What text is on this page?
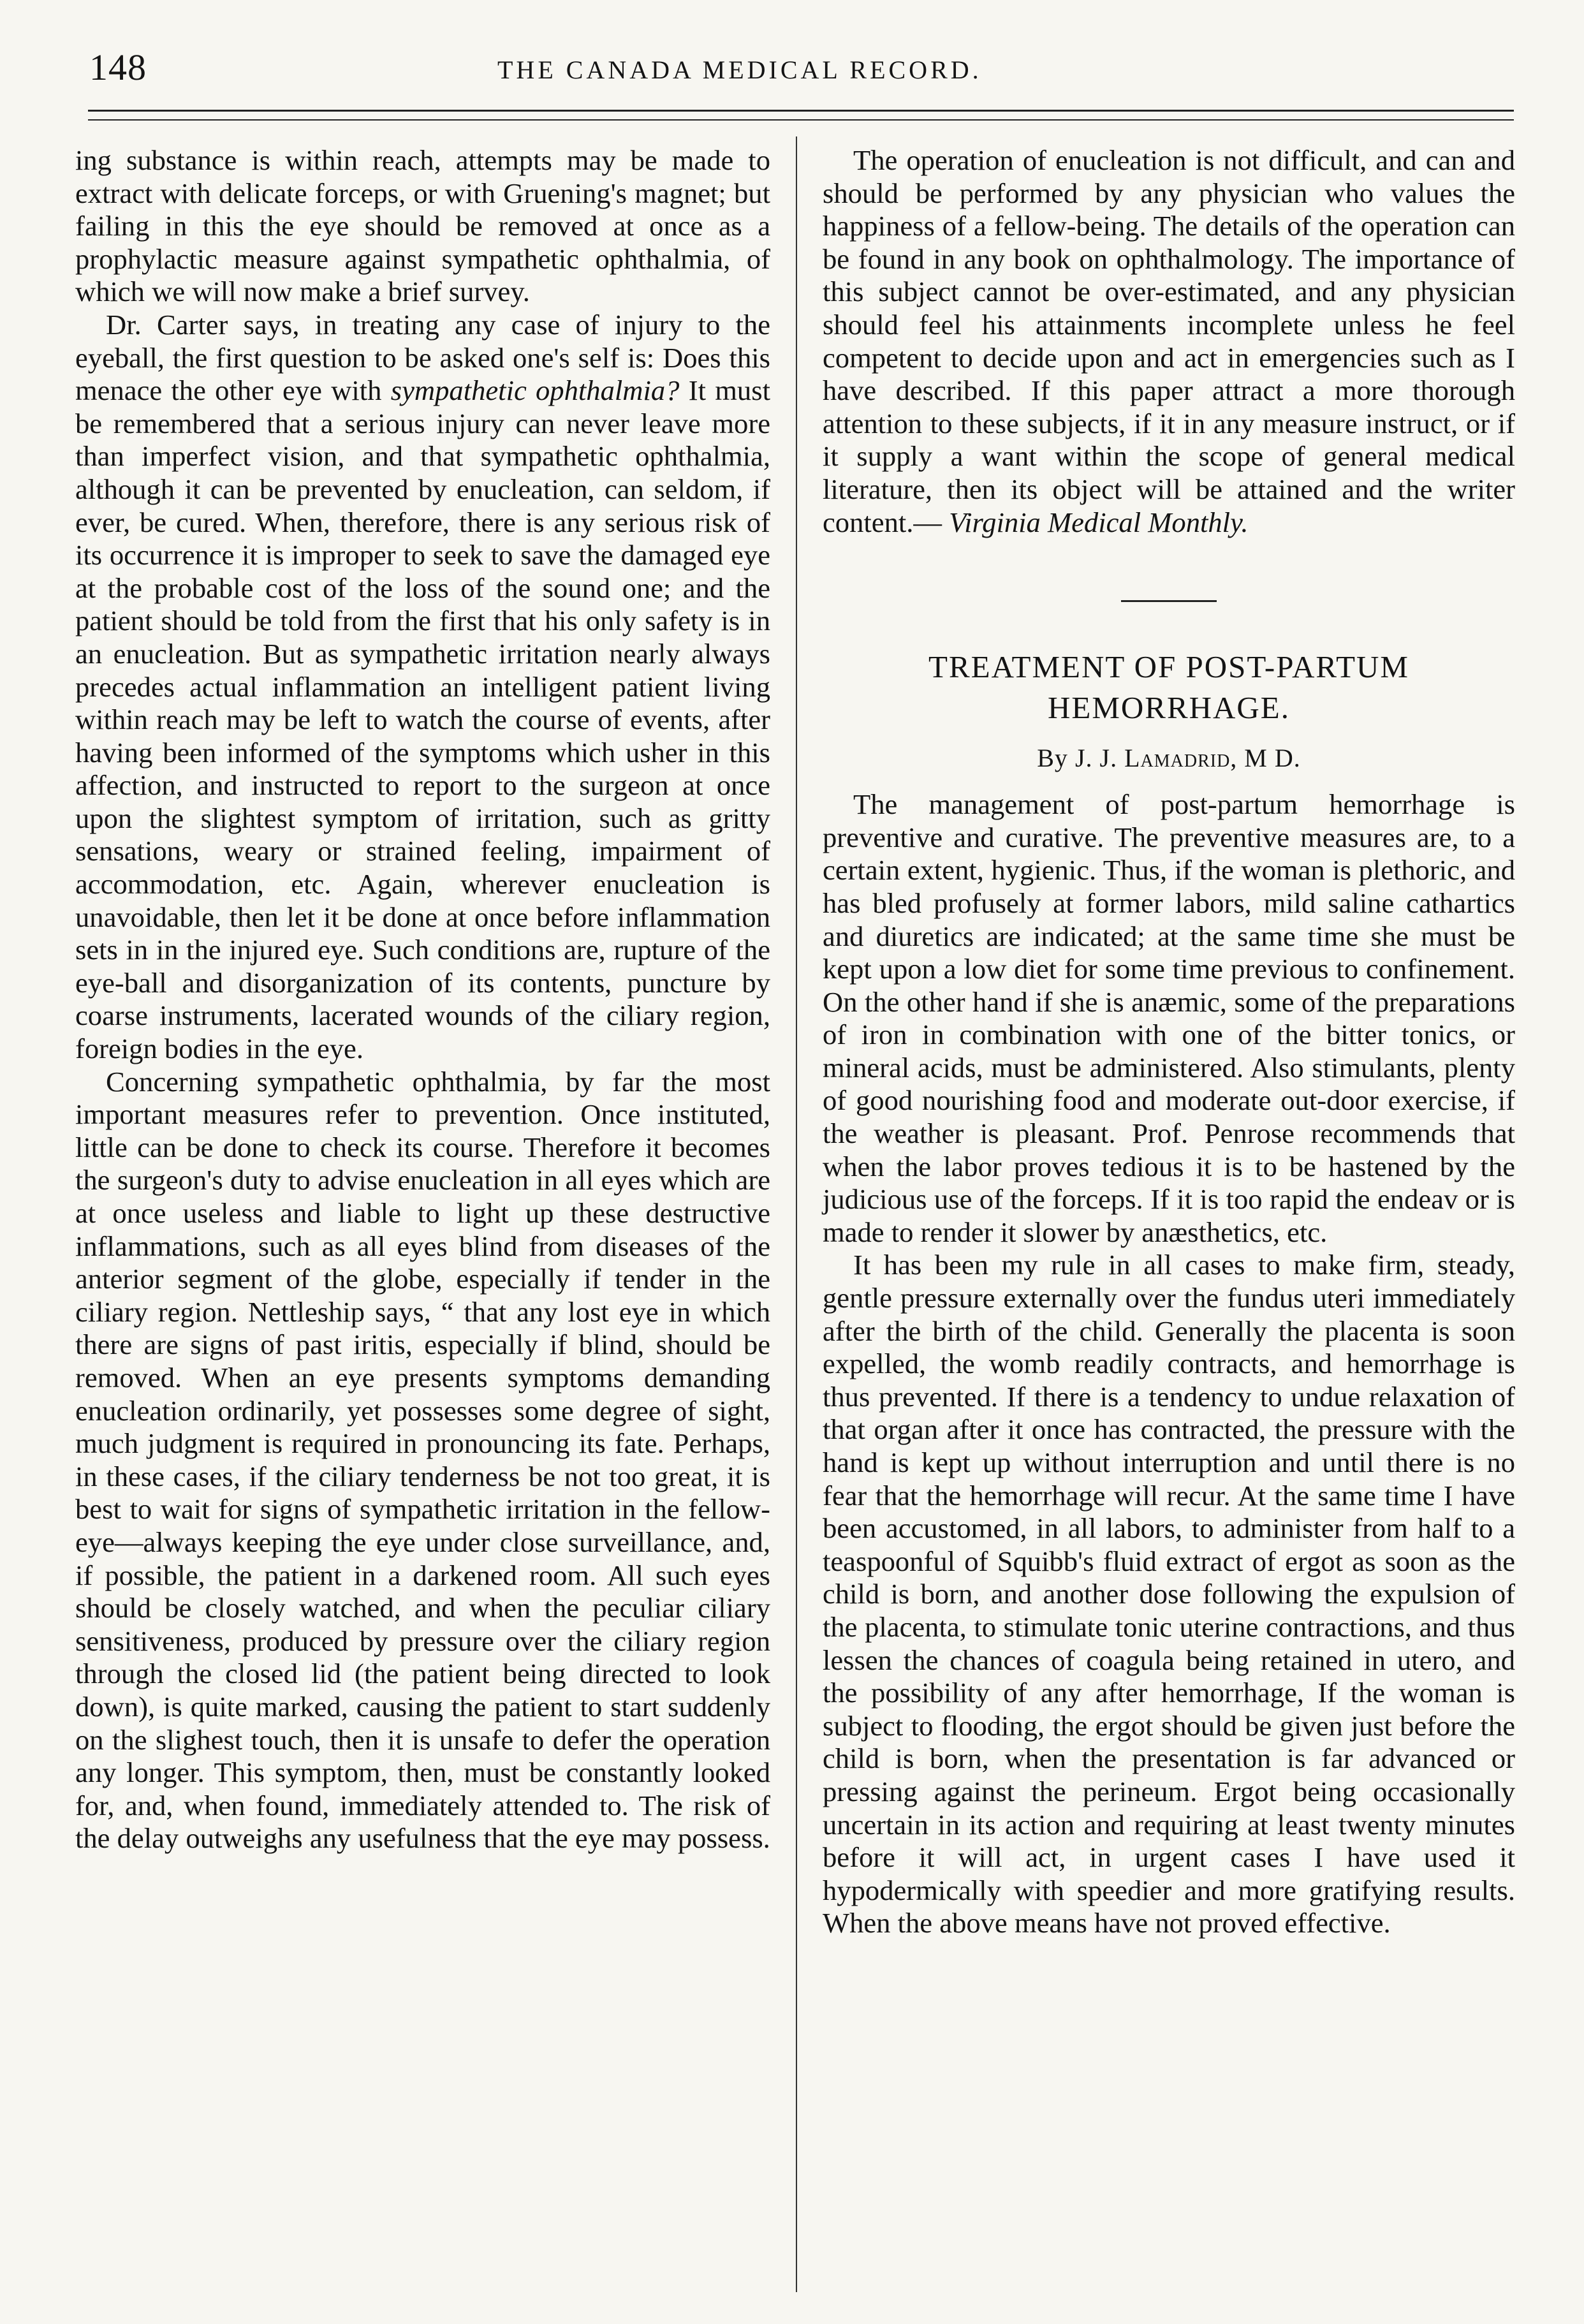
148	THE CANADA MEDICAL RECORD.

ing substance is within reach, attempts may be made to extract with delicate forceps, or with Gruening's magnet; but failing in this the eye should be removed at once as a prophylactic measure against sympathetic ophthalmia, of which we will now make a brief survey.

Dr. Carter says, in treating any case of injury to the eyeball, the first question to be asked one's self is: Does this menace the other eye with sympathetic ophthalmia? It must be remembered that a serious injury can never leave more than imperfect vision, and that sympathetic ophthalmia, although it can be prevented by enucleation, can seldom, if ever, be cured. When, therefore, there is any serious risk of its occurrence it is improper to seek to save the damaged eye at the probable cost of the loss of the sound one; and the patient should be told from the first that his only safety is in an enucleation. But as sympathetic irritation nearly always precedes actual inflammation an intelligent patient living within reach may be left to watch the course of events, after having been informed of the symptoms which usher in this affection, and instructed to report to the surgeon at once upon the slightest symptom of irritation, such as gritty sensations, weary or strained feeling, impairment of accommodation, etc. Again, wherever enucleation is unavoidable, then let it be done at once before inflammation sets in in the injured eye. Such conditions are, rupture of the eye-ball and disorganization of its contents, puncture by coarse instruments, lacerated wounds of the ciliary region, foreign bodies in the eye.

Concerning sympathetic ophthalmia, by far the most important measures refer to prevention. Once instituted, little can be done to check its course. Therefore it becomes the surgeon's duty to advise enucleation in all eyes which are at once useless and liable to light up these destructive inflammations, such as all eyes blind from diseases of the anterior segment of the globe, especially if tender in the ciliary region. Nettleship says, “ that any lost eye in which there are signs of past iritis, especially if blind, should be removed. When an eye presents symptoms demanding enucleation ordinarily, yet possesses some degree of sight, much judgment is required in pronouncing its fate. Perhaps, in these cases, if the ciliary tenderness be not too great, it is best to wait for signs of sympathetic irritation in the fellow-eye—always keeping the eye under close surveillance, and, if possible, the patient in a darkened room. All such eyes should be closely watched, and when the peculiar ciliary sensitiveness, produced by pressure over the ciliary region through the closed lid (the patient being directed to look down), is quite marked, causing the patient to start suddenly on the slighest touch, then it is unsafe to defer the operation any longer. This symptom, then, must be constantly looked for, and, when found, immediately attended to. The risk of the delay outweighs any usefulness that the eye may possess.

The operation of enucleation is not difficult, and can and should be performed by any physician who values the happiness of a fellow-being. The details of the operation can be found in any book on ophthalmology. The importance of this subject cannot be over-estimated, and any physician should feel his attainments incomplete unless he feel competent to decide upon and act in emergencies such as I have described. If this paper attract a more thorough attention to these subjects, if it in any measure instruct, or if it supply a want within the scope of general medical literature, then its object will be attained and the writer content.— Virginia Medical Monthly.

TREATMENT OF POST-PARTUM HEMORRHAGE.
By J. J. Lamadrid, M D.

The management of post-partum hemorrhage is preventive and curative. The preventive measures are, to a certain extent, hygienic. Thus, if the woman is plethoric, and has bled profusely at former labors, mild saline cathartics and diuretics are indicated; at the same time she must be kept upon a low diet for some time previous to confinement. On the other hand if she is anæmic, some of the preparations of iron in combination with one of the bitter tonics, or mineral acids, must be administered. Also stimulants, plenty of good nourishing food and moderate out-door exercise, if the weather is pleasant. Prof. Penrose recommends that when the labor proves tedious it is to be hastened by the judicious use of the forceps. If it is too rapid the endeav or is made to render it slower by anæsthetics, etc.

It has been my rule in all cases to make firm, steady, gentle pressure externally over the fundus uteri immediately after the birth of the child. Generally the placenta is soon expelled, the womb readily contracts, and hemorrhage is thus prevented. If there is a tendency to undue relaxation of that organ after it once has contracted, the pressure with the hand is kept up without interruption and until there is no fear that the hemorrhage will recur. At the same time I have been accustomed, in all labors, to administer from half to a teaspoonful of Squibb's fluid extract of ergot as soon as the child is born, and another dose following the expulsion of the placenta, to stimulate tonic uterine contractions, and thus lessen the chances of coagula being retained in utero, and the possibility of any after hemorrhage, If the woman is subject to flooding, the ergot should be given just before the child is born, when the presentation is far advanced or pressing against the perineum. Ergot being occasionally uncertain in its action and requiring at least twenty minutes before it will act, in urgent cases I have used it hypodermically with speedier and more gratifying results. When the above means have not proved effective.
